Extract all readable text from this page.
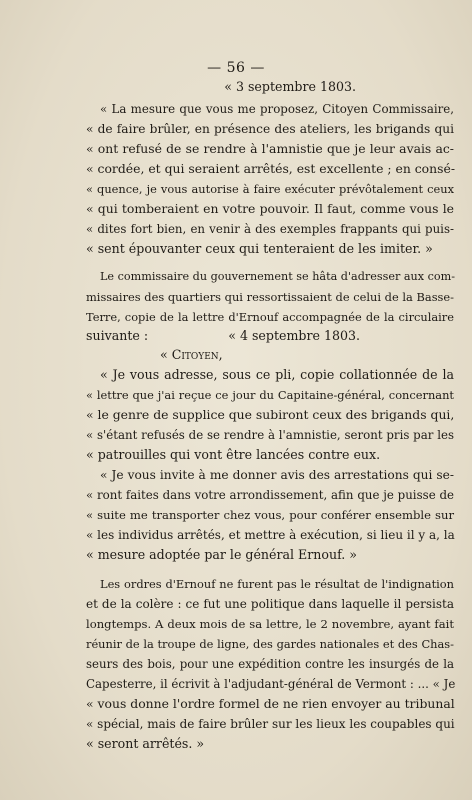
— 56 —
« 3 septembre 1803.
« La mesure que vous me proposez, Citoyen Commissaire,
« de faire brûler, en présence des ateliers, les brigands qui
« ont refusé de se rendre à l'amnistie que je leur avais ac-
« cordée, et qui seraient arrêtés, est excellente ; en consé-
« quence, je vous autorise à faire exécuter prévôtalement ceux
« qui tomberaient en votre pouvoir. Il faut, comme vous le
« dites fort bien, en venir à des exemples frappants qui puis-
« sent épouvanter ceux qui tenteraient de les imiter. »
Le commissaire du gouvernement se hâta d'adresser aux com-
missaires des quartiers qui ressortissaient de celui de la Basse-
Terre, copie de la lettre d'Ernouf accompagnée de la circulaire
suivante :	« 4 septembre 1803.
« Citoyen,
« Je vous adresse, sous ce pli, copie collationnée de la
« lettre que j'ai reçue ce jour du Capitaine-général, concernant
« le genre de supplice que subiront ceux des brigands qui,
« s'étant refusés de se rendre à l'amnistie, seront pris par les
« patrouilles qui vont être lancées contre eux.
« Je vous invite à me donner avis des arrestations qui se-
« ront faites dans votre arrondissement, afin que je puisse de
« suite me transporter chez vous, pour conférer ensemble sur
« les individus arrêtés, et mettre à exécution, si lieu il y a, la
« mesure adoptée par le général Ernouf. »
Les ordres d'Ernouf ne furent pas le résultat de l'indignation
et de la colère : ce fut une politique dans laquelle il persista
longtemps. A deux mois de sa lettre, le 2 novembre, ayant fait
réunir de la troupe de ligne, des gardes nationales et des Chas-
seurs des bois, pour une expédition contre les insurgés de la
Capesterre, il écrivit à l'adjudant-général de Vermont : ... « Je
« vous donne l'ordre formel de ne rien envoyer au tribunal
« spécial, mais de faire brûler sur les lieux les coupables qui
« seront arrêtés. »
